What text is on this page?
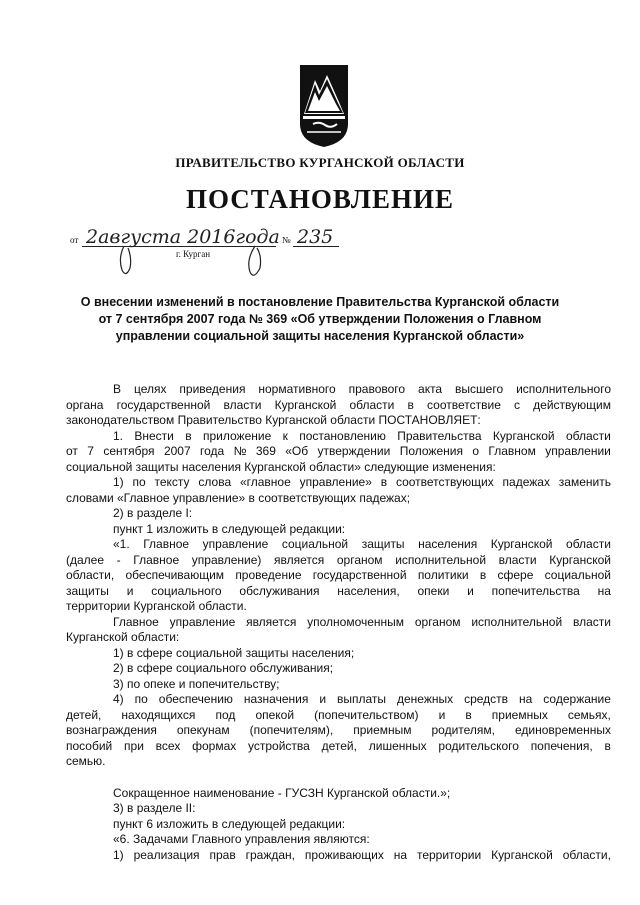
ПРАВИТЕЛЬСТВО КУРГАНСКОЙ ОБЛАСТИ
ПОСТАНОВЛЕНИЕ
от 2августа 2016года № 235
г. Курган
О внесении изменений в постановление Правительства Курганской области
от 7 сентября 2007 года № 369 «Об утверждении Положения о Главном
управлении социальной защиты населения Курганской области»
В целях приведения нормативного правового акта высшего исполнительного
органа государственной власти Курганской области в соответствие с действующим
законодательством Правительство Курганской области ПОСТАНОВЛЯЕТ:
1. Внести в приложение к постановлению Правительства Курганской области
от 7 сентября 2007 года № 369 «Об утверждении Положения о Главном управлении
социальной защиты населения Курганской области» следующие изменения:
1) по тексту слова «главное управление» в соответствующих падежах заменить
словами «Главное управление» в соответствующих падежах;
2) в разделе I:
пункт 1 изложить в следующей редакции:
«1. Главное управление социальной защиты населения Курганской области
(далее - Главное управление) является органом исполнительной власти Курганской
области, обеспечивающим проведение государственной политики в сфере социальной
защиты и социального обслуживания населения, опеки и попечительства на
территории Курганской области.
Главное управление является уполномоченным органом исполнительной власти
Курганской области:
1) в сфере социальной защиты населения;
2) в сфере социального обслуживания;
3) по опеке и попечительству;
4) по обеспечению назначения и выплаты денежных средств на содержание
детей, находящихся под опекой (попечительством) и в приемных семьях,
вознаграждения опекунам (попечителям), приемным родителям, единовременных
пособий при всех формах устройства детей, лишенных родительского попечения, в
семью.
Сокращенное наименование - ГУСЗН Курганской области.»;
3) в разделе II:
пункт 6 изложить в следующей редакции:
«6. Задачами Главного управления являются:
1) реализация прав граждан, проживающих на территории Курганской области,
